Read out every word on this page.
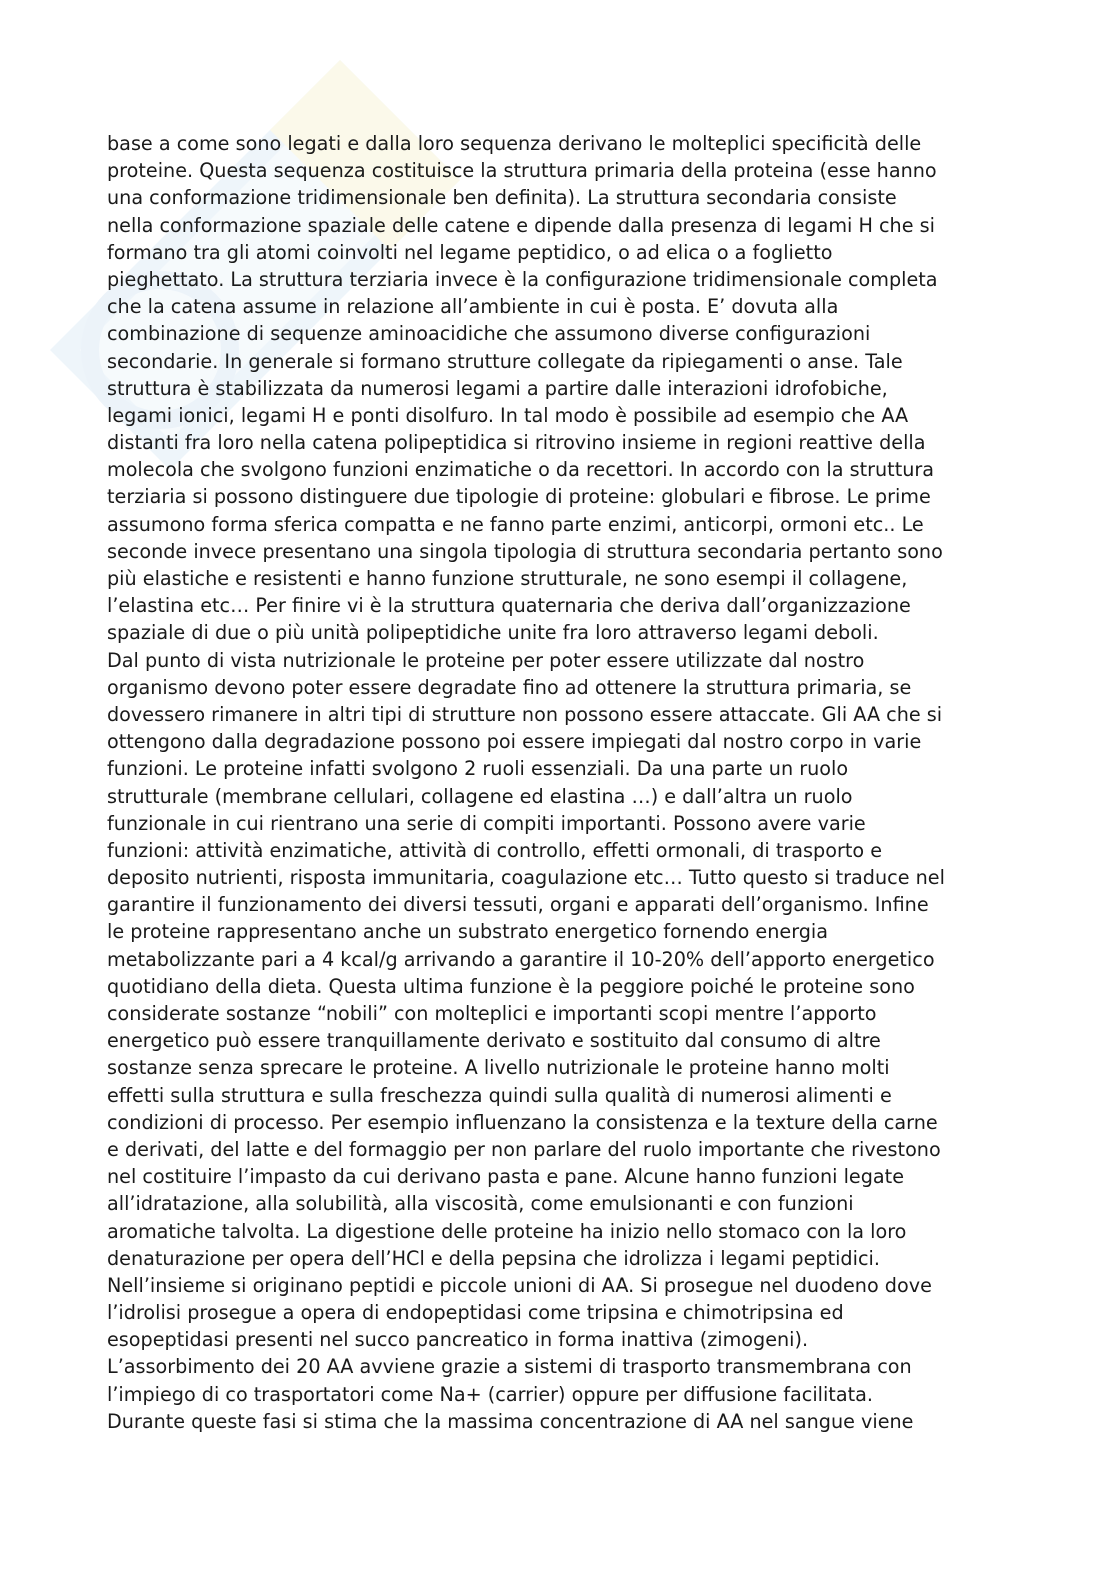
base a come sono legati e dalla loro sequenza derivano le molteplici specificità delle
proteine. Questa sequenza costituisce la struttura primaria della proteina (esse hanno
una conformazione tridimensionale ben definita). La struttura secondaria consiste
nella conformazione spaziale delle catene e dipende dalla presenza di legami H che si
formano tra gli atomi coinvolti nel legame peptidico, o ad elica o a foglietto
pieghettato. La struttura terziaria invece è la configurazione tridimensionale completa
che la catena assume in relazione all’ambiente in cui è posta. E’ dovuta alla
combinazione di sequenze aminoacidiche che assumono diverse configurazioni
secondarie. In generale si formano strutture collegate da ripiegamenti o anse. Tale
struttura è stabilizzata da numerosi legami a partire dalle interazioni idrofobiche,
legami ionici, legami H e ponti disolfuro. In tal modo è possibile ad esempio che AA
distanti fra loro nella catena polipeptidica si ritrovino insieme in regioni reattive della
molecola che svolgono funzioni enzimatiche o da recettori. In accordo con la struttura
terziaria si possono distinguere due tipologie di proteine: globulari e fibrose. Le prime
assumono forma sferica compatta e ne fanno parte enzimi, anticorpi, ormoni etc.. Le
seconde invece presentano una singola tipologia di struttura secondaria pertanto sono
più elastiche e resistenti e hanno funzione strutturale, ne sono esempi il collagene,
l’elastina etc… Per finire vi è la struttura quaternaria che deriva dall’organizzazione
spaziale di due o più unità polipeptidiche unite fra loro attraverso legami deboli.
Dal punto di vista nutrizionale le proteine per poter essere utilizzate dal nostro
organismo devono poter essere degradate fino ad ottenere la struttura primaria, se
dovessero rimanere in altri tipi di strutture non possono essere attaccate. Gli AA che si
ottengono dalla degradazione possono poi essere impiegati dal nostro corpo in varie
funzioni. Le proteine infatti svolgono 2 ruoli essenziali. Da una parte un ruolo
strutturale (membrane cellulari, collagene ed elastina …) e dall’altra un ruolo
funzionale in cui rientrano una serie di compiti importanti. Possono avere varie
funzioni: attività enzimatiche, attività di controllo, effetti ormonali, di trasporto e
deposito nutrienti, risposta immunitaria, coagulazione etc… Tutto questo si traduce nel
garantire il funzionamento dei diversi tessuti, organi e apparati dell’organismo. Infine
le proteine rappresentano anche un substrato energetico fornendo energia
metabolizzante pari a 4 kcal/g arrivando a garantire il 10-20% dell’apporto energetico
quotidiano della dieta. Questa ultima funzione è la peggiore poiché le proteine sono
considerate sostanze “nobili” con molteplici e importanti scopi mentre l’apporto
energetico può essere tranquillamente derivato e sostituito dal consumo di altre
sostanze senza sprecare le proteine. A livello nutrizionale le proteine hanno molti
effetti sulla struttura e sulla freschezza quindi sulla qualità di numerosi alimenti e
condizioni di processo. Per esempio influenzano la consistenza e la texture della carne
e derivati, del latte e del formaggio per non parlare del ruolo importante che rivestono
nel costituire l’impasto da cui derivano pasta e pane. Alcune hanno funzioni legate
all’idratazione, alla solubilità, alla viscosità, come emulsionanti e con funzioni
aromatiche talvolta. La digestione delle proteine ha inizio nello stomaco con la loro
denaturazione per opera dell’HCl e della pepsina che idrolizza i legami peptidici.
Nell’insieme si originano peptidi e piccole unioni di AA. Si prosegue nel duodeno dove
l’idrolisi prosegue a opera di endopeptidasi come tripsina e chimotripsina ed
esopeptidasi presenti nel succo pancreatico in forma inattiva (zimogeni).
L’assorbimento dei 20 AA avviene grazie a sistemi di trasporto transmembrana con
l’impiego di co trasportatori come Na+ (carrier) oppure per diffusione facilitata.
Durante queste fasi si stima che la massima concentrazione di AA nel sangue viene
